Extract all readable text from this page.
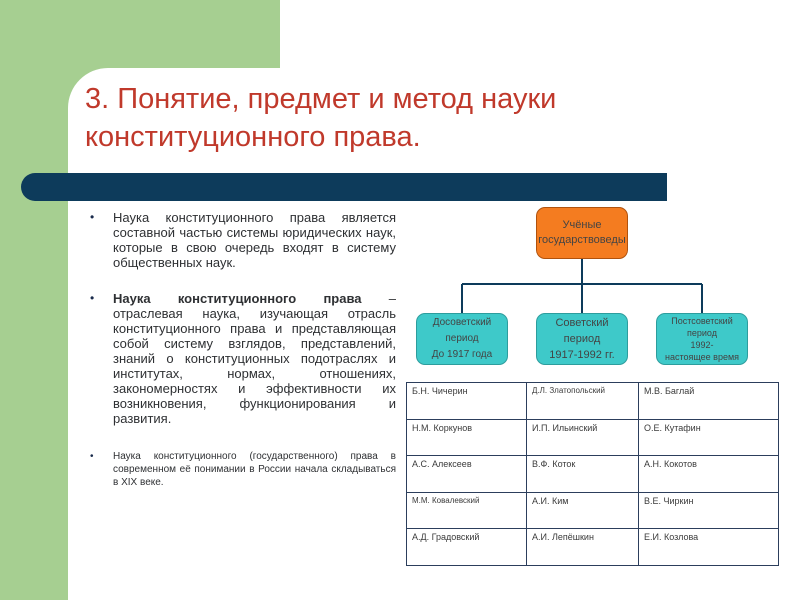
3. Понятие, предмет и метод науки
конституционного права.
• Наука конституционного права является составной частью системы юридических наук, которые в свою очередь входят в систему общественных наук.
• Наука конституционного права – отраслевая наука, изучающая отрасль конституционного права и представляющая собой систему взглядов, представлений, знаний о конституционных подотраслях и институтах, нормах, отношениях, закономерностях и эффективности их возникновения, функционирования и развития.
• Наука конституционного (государственного) права в современном её понимании в России начала складываться в XIX веке.
Учёные
государствоведы
Досоветский
период
До 1917 года
Советский
период
1917-1992 гг.
Постсоветский
период
1992-
настоящее время
Б.Н. Чичерин	Д.Л. Златопольский	М.В. Баглай
Н.М. Коркунов	И.П. Ильинский	О.Е. Кутафин
А.С. Алексеев	В.Ф. Коток	А.Н. Кокотов
М.М. Ковалевский	А.И. Ким	В.Е. Чиркин
А.Д. Градовский	А.И. Лепёшкин	Е.И. Козлова
